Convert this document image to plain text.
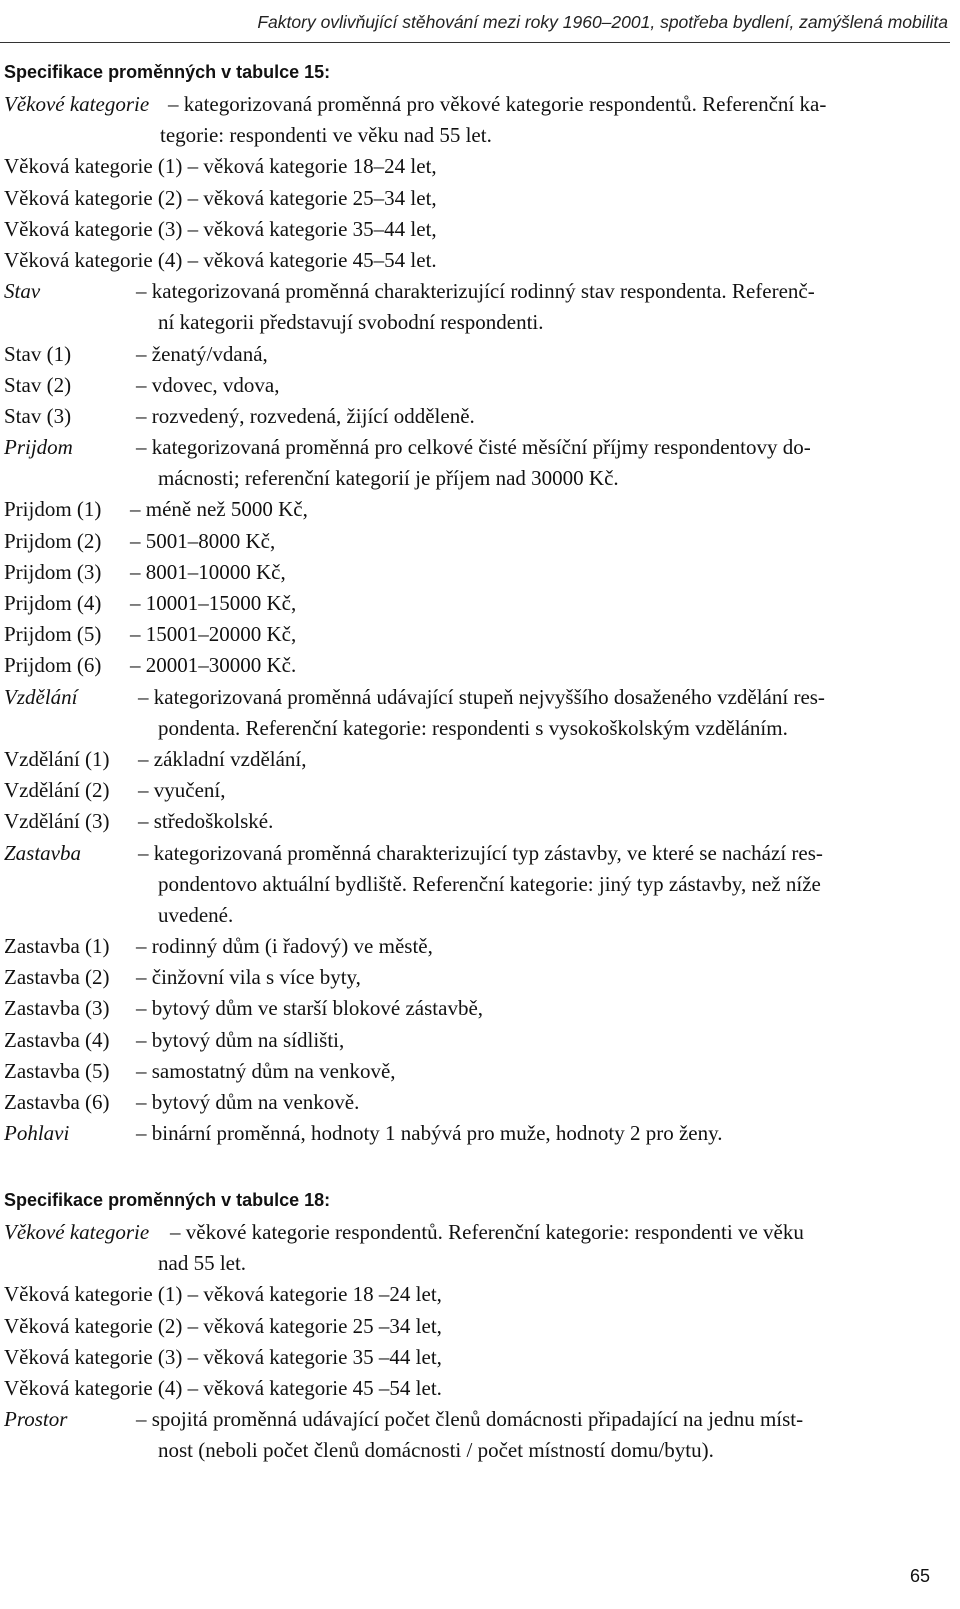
Faktory ovlivňující stěhování mezi roky 1960–2001, spotřeba bydlení, zamýšlená mobilita
Specifikace proměnných v tabulce 15:
Věkové kategorie – kategorizovaná proměnná pro věkové kategorie respondentů. Referenční ka-
tegorie: respondenti ve věku nad 55 let.
Věková kategorie (1) – věková kategorie 18–24 let,
Věková kategorie (2) – věková kategorie 25–34 let,
Věková kategorie (3) – věková kategorie 35–44 let,
Věková kategorie (4) – věková kategorie 45–54 let.
Stav	– kategorizovaná proměnná charakterizující rodinný stav respondenta. Referenč-
ní kategorii představují svobodní respondenti.
Stav (1)	– ženatý/vdaná,
Stav (2)	– vdovec, vdova,
Stav (3)	– rozvedený, rozvedená, žijící odděleně.
Prijdom	– kategorizovaná proměnná pro celkové čisté měsíční příjmy respondentovy do-
mácnosti; referenční kategorií je příjem nad 30000 Kč.
Prijdom (1) – méně než 5000 Kč,
Prijdom (2) – 5001–8000 Kč,
Prijdom (3) – 8001–10000 Kč,
Prijdom (4) – 10001–15000 Kč,
Prijdom (5) – 15001–20000 Kč,
Prijdom (6) – 20001–30000 Kč.
Vzdělání	– kategorizovaná proměnná udávající stupeň nejvyššího dosaženého vzdělání res-
pondenta. Referenční kategorie: respondenti s vysokoškolským vzděláním.
Vzdělání (1) – základní vzdělání,
Vzdělání (2) – vyučení,
Vzdělání (3) – středoškolské.
Zastavba	– kategorizovaná proměnná charakterizující typ zástavby, ve které se nachází res-
pondentovo aktuální bydliště. Referenční kategorie: jiný typ zástavby, než níže
uvedené.
Zastavba (1) – rodinný dům (i řadový) ve městě,
Zastavba (2) – činžovní vila s více byty,
Zastavba (3) – bytový dům ve starší blokové zástavbě,
Zastavba (4) – bytový dům na sídlišti,
Zastavba (5) – samostatný dům na venkově,
Zastavba (6) – bytový dům na venkově.
Pohlavi	– binární proměnná, hodnoty 1 nabývá pro muže, hodnoty 2 pro ženy.
Specifikace proměnných v tabulce 18:
Věkové kategorie – věkové kategorie respondentů. Referenční kategorie: respondenti ve věku
nad 55 let.
Věková kategorie (1) – věková kategorie 18 –24 let,
Věková kategorie (2) – věková kategorie 25 –34 let,
Věková kategorie (3) – věková kategorie 35 –44 let,
Věková kategorie (4) – věková kategorie 45 –54 let.
Prostor	– spojitá proměnná udávající počet členů domácnosti připadající na jednu míst-
nost (neboli počet členů domácnosti / počet místností domu/bytu).
65
